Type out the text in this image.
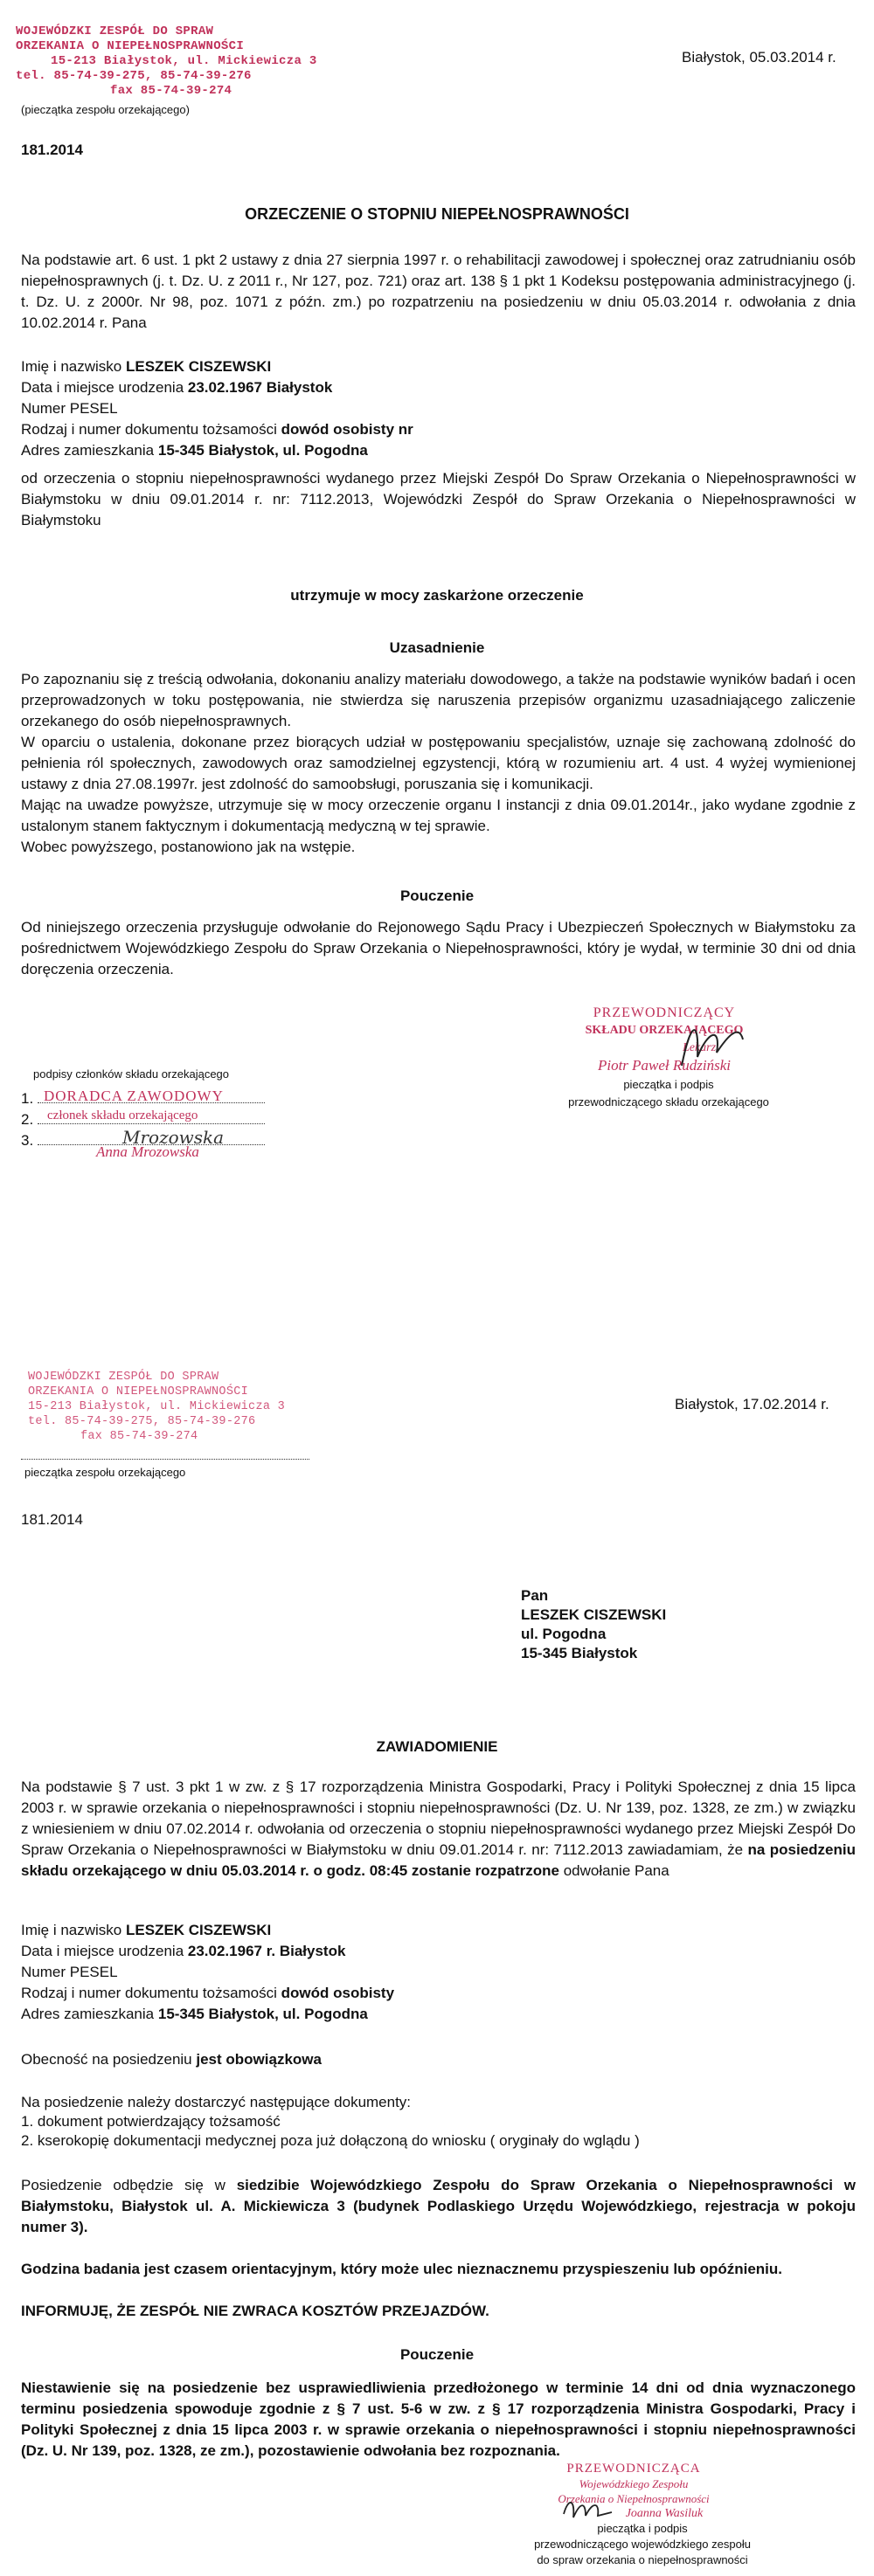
WOJEWÓDZKI ZESPÓŁ DO SPRAW
ORZEKANIA O NIEPEŁNOSPRAWNOŚCI
15-213 Białystok, ul. Mickiewicza 3
tel. 85-74-39-275, 85-74-39-276
fax 85-74-39-274
(pieczątka zespołu orzekającego)
Białystok, 05.03.2014 r.
181.2014
ORZECZENIE O STOPNIU NIEPEŁNOSPRAWNOŚCI
Na podstawie art. 6 ust. 1 pkt 2 ustawy z dnia 27 sierpnia 1997 r. o rehabilitacji zawodowej i społecznej oraz zatrudnianiu osób niepełnosprawnych (j. t. Dz. U. z 2011 r., Nr 127, poz. 721) oraz art. 138 § 1 pkt 1 Kodeksu postępowania administracyjnego (j. t. Dz. U. z 2000r. Nr 98, poz. 1071 z późn. zm.) po rozpatrzeniu na posiedzeniu w dniu 05.03.2014 r. odwołania z dnia 10.02.2014 r. Pana
Imię i nazwisko LESZEK CISZEWSKI
Data i miejsce urodzenia 23.02.1967 Białystok
Numer PESEL
Rodzaj i numer dokumentu tożsamości dowód osobisty nr
Adres zamieszkania 15-345 Białystok, ul. Pogodna
od orzeczenia o stopniu niepełnosprawności wydanego przez Miejski Zespół Do Spraw Orzekania o Niepełnosprawności w Białymstoku w dniu 09.01.2014 r. nr: 7112.2013, Wojewódzki Zespół do Spraw Orzekania o Niepełnosprawności w Białymstoku
utrzymuje w mocy zaskarżone orzeczenie
Uzasadnienie
Po zapoznaniu się z treścią odwołania, dokonaniu analizy materiału dowodowego, a także na podstawie wyników badań i ocen przeprowadzonych w toku postępowania, nie stwierdza się naruszenia przepisów organizmu uzasadniającego zaliczenie orzekanego do osób niepełnosprawnych.
W oparciu o ustalenia, dokonane przez biorących udział w postępowaniu specjalistów, uznaje się zachowaną zdolność do pełnienia ról społecznych, zawodowych oraz samodzielnej egzystencji, którą w rozumieniu art. 4 ust. 4 wyżej wymienionej ustawy z dnia 27.08.1997r. jest zdolność do samoobsługi, poruszania się i komunikacji.
Mając na uwadze powyższe, utrzymuje się w mocy orzeczenie organu I instancji z dnia 09.01.2014r., jako wydane zgodnie z ustalonym stanem faktycznym i dokumentacją medyczną w tej sprawie.
Wobec powyższego, postanowiono jak na wstępie.
Pouczenie
Od niniejszego orzeczenia przysługuje odwołanie do Rejonowego Sądu Pracy i Ubezpieczeń Społecznych w Białymstoku za pośrednictwem Wojewódzkiego Zespołu do Spraw Orzekania o Niepełnosprawności, który je wydał, w terminie 30 dni od dnia doręczenia orzeczenia.
PRZEWODNICZĄCY
SKŁADU ORZEKAJĄCEGO
Lekarz
Piotr Paweł Rudziński
pieczątka i podpis
przewodniczącego składu orzekającego
podpisy członków składu orzekającego
1.
2.
3.
DORADCA ZAWODOWY
członek składu orzekającego
Anna Mrozowska
Mrozowska
WOJEWÓDZKI ZESPÓŁ DO SPRAW
ORZEKANIA O NIEPEŁNOSPRAWNOŚCI
15-213 Białystok, ul. Mickiewicza 3
tel. 85-74-39-275, 85-74-39-276
fax 85-74-39-274
pieczątka zespołu orzekającego
Białystok, 17.02.2014 r.
181.2014
Pan
LESZEK CISZEWSKI
ul. Pogodna
15-345 Białystok
ZAWIADOMIENIE
Na podstawie § 7 ust. 3 pkt 1 w zw. z § 17 rozporządzenia Ministra Gospodarki, Pracy i Polityki Społecznej z dnia 15 lipca 2003 r. w sprawie orzekania o niepełnosprawności i stopniu niepełnosprawności (Dz. U. Nr 139, poz. 1328, ze zm.) w związku z wniesieniem w dniu 07.02.2014 r. odwołania od orzeczenia o stopniu niepełnosprawności wydanego przez Miejski Zespół Do Spraw Orzekania o Niepełnosprawności w Białymstoku w dniu 09.01.2014 r. nr: 7112.2013 zawiadamiam, że na posiedzeniu składu orzekającego w dniu 05.03.2014 r. o godz. 08:45 zostanie rozpatrzone odwołanie Pana
Imię i nazwisko LESZEK CISZEWSKI
Data i miejsce urodzenia 23.02.1967 r. Białystok
Numer PESEL
Rodzaj i numer dokumentu tożsamości dowód osobisty
Adres zamieszkania 15-345 Białystok, ul. Pogodna
Obecność na posiedzeniu jest obowiązkowa
Na posiedzenie należy dostarczyć następujące dokumenty:
1. dokument potwierdzający tożsamość
2. kserokopię dokumentacji medycznej poza już dołączoną do wniosku ( oryginały do wglądu )
Posiedzenie odbędzie się w siedzibie Wojewódzkiego Zespołu do Spraw Orzekania o Niepełnosprawności w Białymstoku, Białystok ul. A. Mickiewicza 3 (budynek Podlaskiego Urzędu Wojewódzkiego, rejestracja w pokoju numer 3).
Godzina badania jest czasem orientacyjnym, który może ulec nieznacznemu przyspieszeniu lub opóźnieniu.
INFORMUJĘ, ŻE ZESPÓŁ NIE ZWRACA KOSZTÓW PRZEJAZDÓW.
Pouczenie
Niestawienie się na posiedzenie bez usprawiedliwienia przedłożonego w terminie 14 dni od dnia wyznaczonego terminu posiedzenia spowoduje zgodnie z § 7 ust. 5-6 w zw. z § 17 rozporządzenia Ministra Gospodarki, Pracy i Polityki Społecznej z dnia 15 lipca 2003 r. w sprawie orzekania o niepełnosprawności i stopniu niepełnosprawności (Dz. U. Nr 139, poz. 1328, ze zm.), pozostawienie odwołania bez rozpoznania.
PRZEWODNICZĄCA
Wojewódzkiego Zespołu
Orzekania o Niepełnosprawności
Joanna Wasiluk
pieczątka i podpis
przewodniczącego wojewódzkiego zespołu
do spraw orzekania o niepełnosprawności
